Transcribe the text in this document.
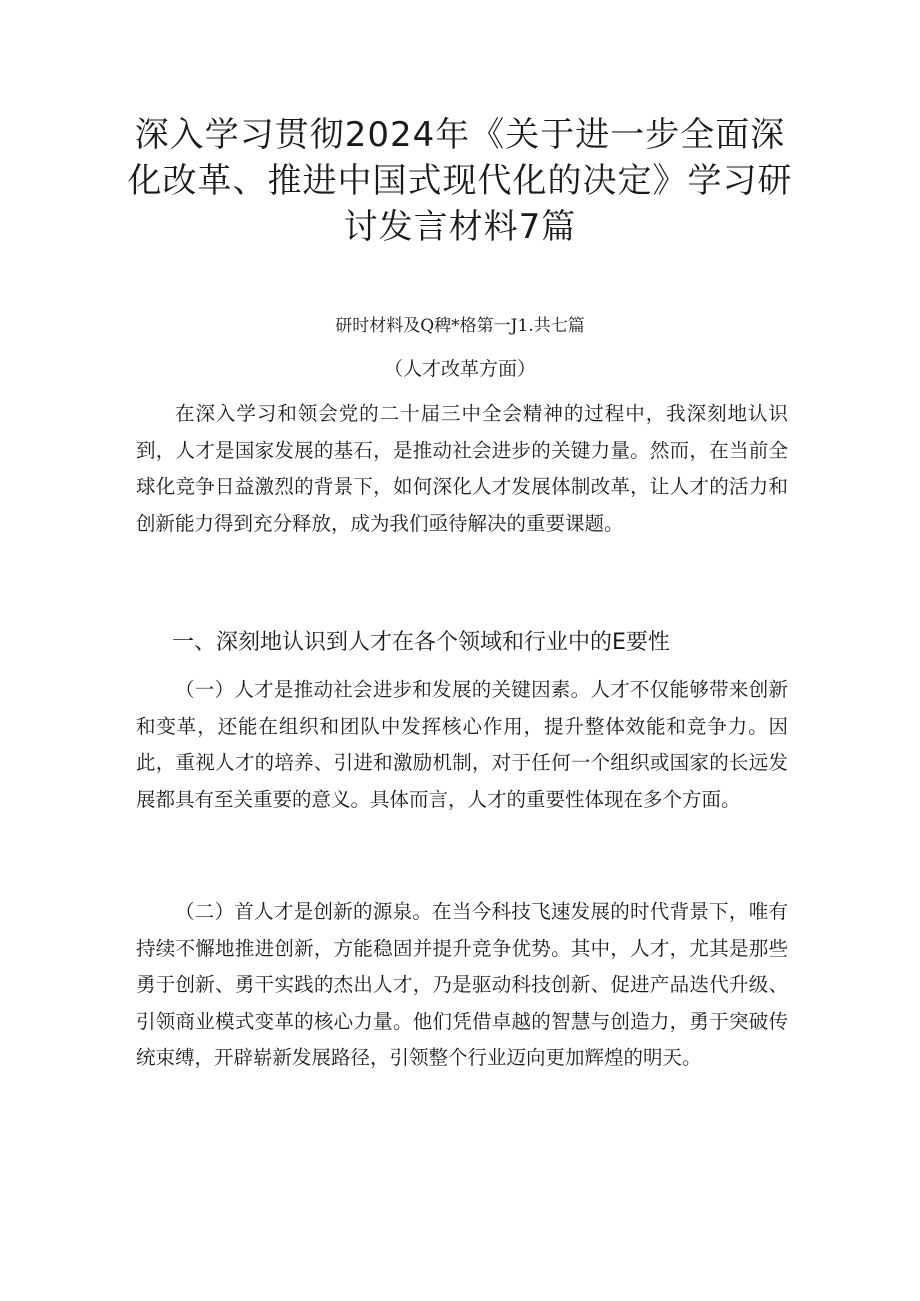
深入学习贯彻2024年《关于进一步全面深
化改革、推进中国式现代化的决定》学习研
讨发言材料7篇
研时材料及Q稗*格第一J1.共七篇
（人才改革方面）

在深入学习和领会党的二十届三中全会精神的过程中，我深刻地认识到，人才是国家发展的基石，是推动社会进步的关键力量。然而，在当前全球化竞争日益激烈的背景下，如何深化人才发展体制改革，让人才的活力和创新能力得到充分释放，成为我们亟待解决的重要课题。

一、深刻地认识到人才在各个领域和行业中的E要性

（一）人才是推动社会进步和发展的关键因素。人才不仅能够带来创新和变革，还能在组织和团队中发挥核心作用，提升整体效能和竞争力。因此，重视人才的培养、引进和激励机制，对于任何一个组织或国家的长远发展都具有至关重要的意义。具体而言，人才的重要性体现在多个方面。

（二）首人才是创新的源泉。在当今科技飞速发展的时代背景下，唯有持续不懈地推进创新，方能稳固并提升竞争优势。其中，人才，尤其是那些勇于创新、勇干实践的杰出人才，乃是驱动科技创新、促进产品迭代升级、引领商业模式变革的核心力量。他们凭借卓越的智慧与创造力，勇于突破传统束缚，开辟崭新发展路径，引领整个行业迈向更加辉煌的明天。
